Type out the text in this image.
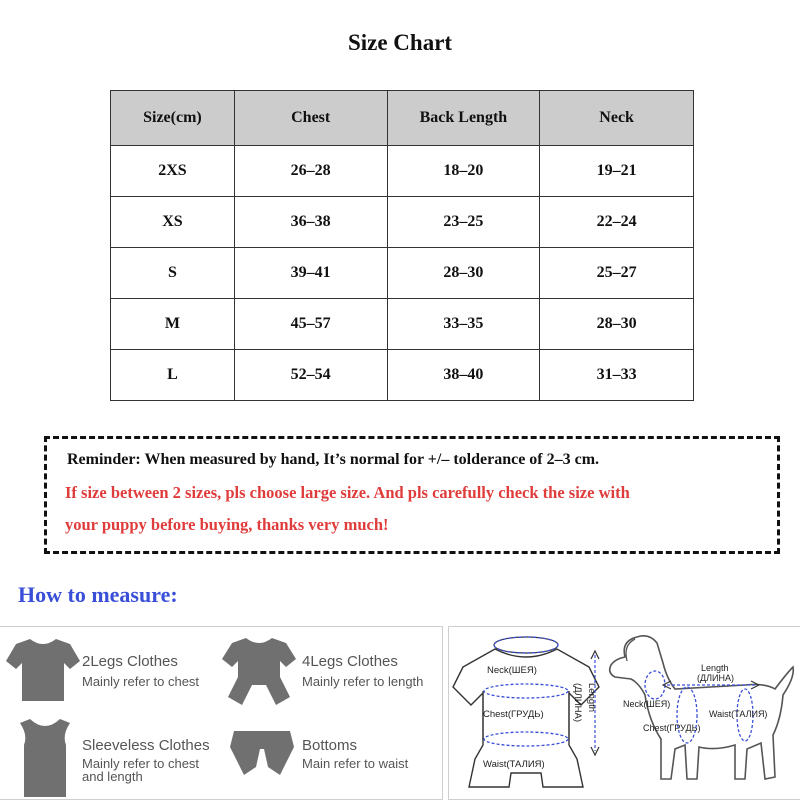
Size Chart
Size(cm)	Chest	Back Length	Neck
2XS	26–28	18–20	19–21
XS	36–38	23–25	22–24
S	39–41	28–30	25–27
M	45–57	33–35	28–30
L	52–54	38–40	31–33
Reminder: When measured by hand, It’s normal for +/– tolderance of 2–3 cm.
If size between 2 sizes, pls choose large size. And pls carefully check the size with
your puppy before buying, thanks very much!
How to measure:
2Legs Clothes
Mainly refer to chest
4Legs Clothes
Mainly refer to length
Sleeveless Clothes
Mainly refer to chest
and length
Bottoms
Main refer to waist
Neck(ШЕЯ)
Chest(ГРУДЬ)
Waist(ТАЛИЯ)
Length
(ДЛИНА)
Length
(ДЛИНА)
Neck(ШЕЯ)
Chest(ГРУДЬ)
Waist(ТАЛИЯ)
